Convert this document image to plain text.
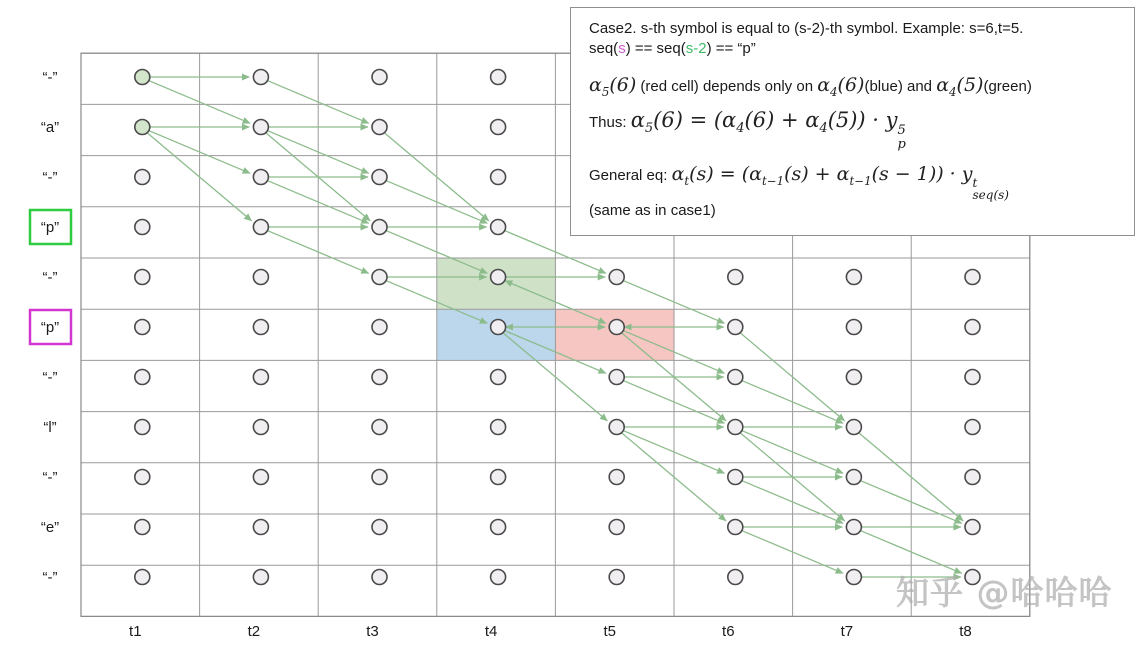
“-”
“a”
“-”
“p”
“-”
“p”
“-”
“l”
“-”
“e”
“-”
t1	t2	t3	t4	t5	t6	t7	t8
Case2. s-th symbol is equal to (s-2)-th symbol. Example: s=6,t=5.
seq(s) == seq(s-2) == “p”
$\alpha_5(6)$ (red cell) depends only on $\alpha_4(6)(blue)$ and $\alpha_4(5)(green)$
Thus: $\alpha_5(6) = (\alpha_4(6) + \alpha_4(5)) \cdot y$ 5
p
General eq: $\alpha_t(s) = (\alpha_{t-1}(s) + \alpha_{t-1}(s - 1)) \cdot y$ t
seq(s)
(same as in case1)
知乎 @哈哈哈
